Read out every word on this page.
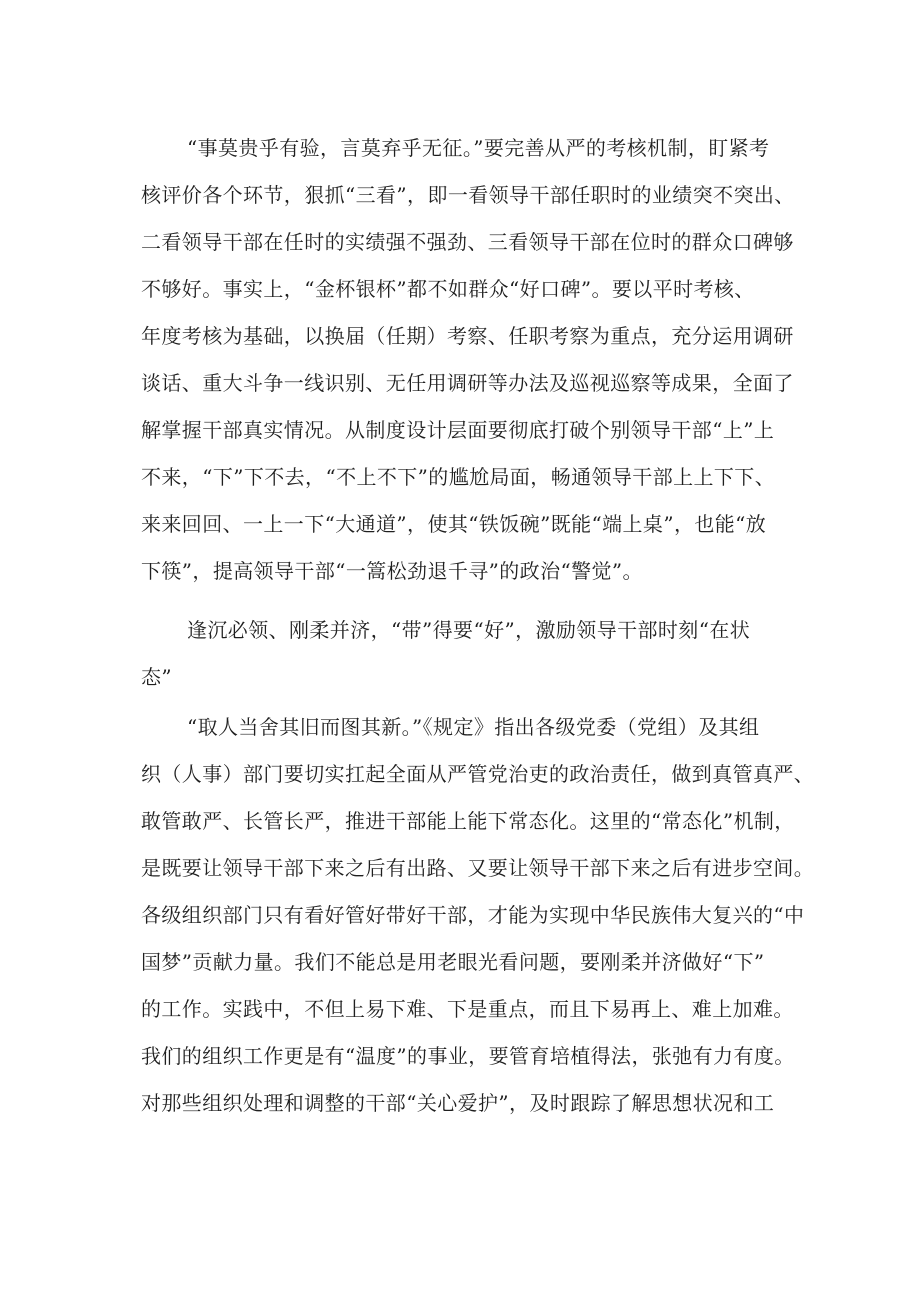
“事莫贵乎有验，言莫弃乎无征。”要完善从严的考核机制，盯紧考
核评价各个环节，狠抓“三看”，即一看领导干部任职时的业绩突不突出、
二看领导干部在任时的实绩强不强劲、三看领导干部在位时的群众口碑够
不够好。事实上，“金杯银杯”都不如群众“好口碑”。要以平时考核、
年度考核为基础，以换届（任期）考察、任职考察为重点，充分运用调研
谈话、重大斗争一线识别、无任用调研等办法及巡视巡察等成果，全面了
解掌握干部真实情况。从制度设计层面要彻底打破个别领导干部“上”上
不来，“下”下不去，“不上不下”的尴尬局面，畅通领导干部上上下下、
来来回回、一上一下“大通道”，使其“铁饭碗”既能“端上桌”，也能“放
下筷”，提高领导干部“一篙松劲退千寻”的政治“警觉”。
逢沉必领、刚柔并济，“带”得要“好”，激励领导干部时刻“在状
态”
“取人当舍其旧而图其新。”《规定》指出各级党委（党组）及其组
织（人事）部门要切实扛起全面从严管党治吏的政治责任，做到真管真严、
敢管敢严、长管长严，推进干部能上能下常态化。这里的“常态化”机制，
是既要让领导干部下来之后有出路、又要让领导干部下来之后有进步空间。
各级组织部门只有看好管好带好干部，才能为实现中华民族伟大复兴的“中
国梦”贡献力量。我们不能总是用老眼光看问题，要刚柔并济做好“下”
的工作。实践中，不但上易下难、下是重点，而且下易再上、难上加难。
我们的组织工作更是有“温度”的事业，要管育培植得法，张弛有力有度。
对那些组织处理和调整的干部“关心爱护”，及时跟踪了解思想状况和工
